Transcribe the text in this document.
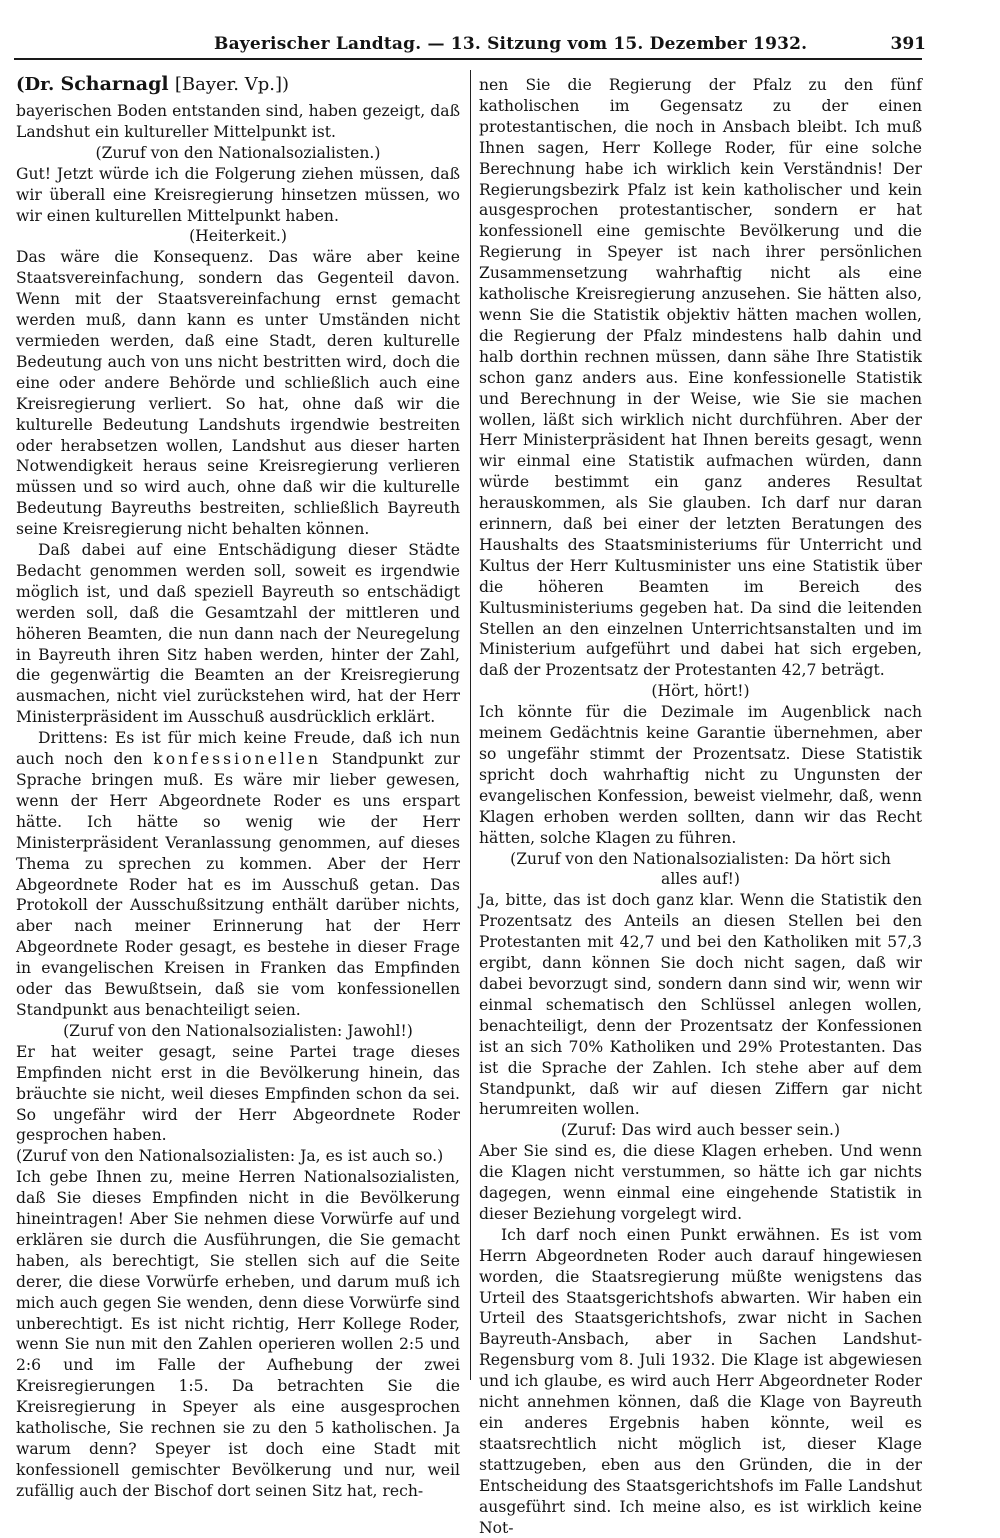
Bayerischer Landtag. — 13. Sitzung vom 15. Dezember 1932.	391
(Dr. Scharnagl [Bayer. Vp.])

bayerischen Boden entstanden sind, haben gezeigt, daß Landshut ein kultureller Mittelpunkt ist.

(Zuruf von den Nationalsozialisten.)

Gut! Jetzt würde ich die Folgerung ziehen müssen, daß wir überall eine Kreisregierung hinsetzen müssen, wo wir einen kulturellen Mittelpunkt haben.

(Heiterkeit.)

Das wäre die Konsequenz. Das wäre aber keine Staatsvereinfachung, sondern das Gegenteil davon. Wenn mit der Staatsvereinfachung ernst gemacht werden muß, dann kann es unter Umständen nicht vermieden werden, daß eine Stadt, deren kulturelle Bedeutung auch von uns nicht bestritten wird, doch die eine oder andere Behörde und schließlich auch eine Kreisregierung verliert. So hat, ohne daß wir die kulturelle Bedeutung Landshuts irgendwie bestreiten oder herabsetzen wollen, Landshut aus dieser harten Notwendigkeit heraus seine Kreisregierung verlieren müssen und so wird auch, ohne daß wir die kulturelle Bedeutung Bayreuths bestreiten, schließlich Bayreuth seine Kreisregierung nicht behalten können.

Daß dabei auf eine Entschädigung dieser Städte Bedacht genommen werden soll, soweit es irgendwie möglich ist, und daß speziell Bayreuth so entschädigt werden soll, daß die Gesamtzahl der mittleren und höheren Beamten, die nun dann nach der Neuregelung in Bayreuth ihren Sitz haben werden, hinter der Zahl, die gegenwärtig die Beamten an der Kreisregierung ausmachen, nicht viel zurückstehen wird, hat der Herr Ministerpräsident im Ausschuß ausdrücklich erklärt.

Drittens: Es ist für mich keine Freude, daß ich nun auch noch den konfessionellen Standpunkt zur Sprache bringen muß. Es wäre mir lieber gewesen, wenn der Herr Abgeordnete Roder es uns erspart hätte. Ich hätte so wenig wie der Herr Ministerpräsident Veranlassung genommen, auf dieses Thema zu sprechen zu kommen. Aber der Herr Abgeordnete Roder hat es im Ausschuß getan. Das Protokoll der Ausschußsitzung enthält darüber nichts, aber nach meiner Erinnerung hat der Herr Abgeordnete Roder gesagt, es bestehe in dieser Frage in evangelischen Kreisen in Franken das Empfinden oder das Bewußtsein, daß sie vom konfessionellen Standpunkt aus benachteiligt seien.

(Zuruf von den Nationalsozialisten: Jawohl!)

Er hat weiter gesagt, seine Partei trage dieses Empfinden nicht erst in die Bevölkerung hinein, das bräuchte sie nicht, weil dieses Empfinden schon da sei. So ungefähr wird der Herr Abgeordnete Roder gesprochen haben.

(Zuruf von den Nationalsozialisten: Ja, es ist auch so.)

Ich gebe Ihnen zu, meine Herren Nationalsozialisten, daß Sie dieses Empfinden nicht in die Bevölkerung hineintragen! Aber Sie nehmen diese Vorwürfe auf und erklären sie durch die Ausführungen, die Sie gemacht haben, als berechtigt, Sie stellen sich auf die Seite derer, die diese Vorwürfe erheben, und darum muß ich mich auch gegen Sie wenden, denn diese Vorwürfe sind unberechtigt. Es ist nicht richtig, Herr Kollege Roder, wenn Sie nun mit den Zahlen operieren wollen 2:5 und 2:6 und im Falle der Aufhebung der zwei Kreisregierungen 1:5. Da betrachten Sie die Kreisregierung in Speyer als eine ausgesprochen katholische, Sie rechnen sie zu den 5 katholischen. Ja warum denn? Speyer ist doch eine Stadt mit konfessionell gemischter Bevölkerung und nur, weil zufällig auch der Bischof dort seinen Sitz hat, rech-

nen Sie die Regierung der Pfalz zu den fünf katholischen im Gegensatz zu der einen protestantischen, die noch in Ansbach bleibt. Ich muß Ihnen sagen, Herr Kollege Roder, für eine solche Berechnung habe ich wirklich kein Verständnis! Der Regierungsbezirk Pfalz ist kein katholischer und kein ausgesprochen protestantischer, sondern er hat konfessionell eine gemischte Bevölkerung und die Regierung in Speyer ist nach ihrer persönlichen Zusammensetzung wahrhaftig nicht als eine katholische Kreisregierung anzusehen. Sie hätten also, wenn Sie die Statistik objektiv hätten machen wollen, die Regierung der Pfalz mindestens halb dahin und halb dorthin rechnen müssen, dann sähe Ihre Statistik schon ganz anders aus. Eine konfessionelle Statistik und Berechnung in der Weise, wie Sie sie machen wollen, läßt sich wirklich nicht durchführen. Aber der Herr Ministerpräsident hat Ihnen bereits gesagt, wenn wir einmal eine Statistik aufmachen würden, dann würde bestimmt ein ganz anderes Resultat herauskommen, als Sie glauben. Ich darf nur daran erinnern, daß bei einer der letzten Beratungen des Haushalts des Staatsministeriums für Unterricht und Kultus der Herr Kultusminister uns eine Statistik über die höheren Beamten im Bereich des Kultusministeriums gegeben hat. Da sind die leitenden Stellen an den einzelnen Unterrichtsanstalten und im Ministerium aufgeführt und dabei hat sich ergeben, daß der Prozentsatz der Protestanten 42,7 beträgt.

(Hört, hört!)

Ich könnte für die Dezimale im Augenblick nach meinem Gedächtnis keine Garantie übernehmen, aber so ungefähr stimmt der Prozentsatz. Diese Statistik spricht doch wahrhaftig nicht zu Ungunsten der evangelischen Konfession, beweist vielmehr, daß, wenn Klagen erhoben werden sollten, dann wir das Recht hätten, solche Klagen zu führen.

(Zuruf von den Nationalsozialisten: Da hört sich

alles auf!)

Ja, bitte, das ist doch ganz klar. Wenn die Statistik den Prozentsatz des Anteils an diesen Stellen bei den Protestanten mit 42,7 und bei den Katholiken mit 57,3 ergibt, dann können Sie doch nicht sagen, daß wir dabei bevorzugt sind, sondern dann sind wir, wenn wir einmal schematisch den Schlüssel anlegen wollen, benachteiligt, denn der Prozentsatz der Konfessionen ist an sich 70% Katholiken und 29% Protestanten. Das ist die Sprache der Zahlen. Ich stehe aber auf dem Standpunkt, daß wir auf diesen Ziffern gar nicht herumreiten wollen.

(Zuruf: Das wird auch besser sein.)

Aber Sie sind es, die diese Klagen erheben. Und wenn die Klagen nicht verstummen, so hätte ich gar nichts dagegen, wenn einmal eine eingehende Statistik in dieser Beziehung vorgelegt wird.

Ich darf noch einen Punkt erwähnen. Es ist vom Herrn Abgeordneten Roder auch darauf hingewiesen worden, die Staatsregierung müßte wenigstens das Urteil des Staatsgerichtshofs abwarten. Wir haben ein Urteil des Staatsgerichtshofs, zwar nicht in Sachen Bayreuth-Ansbach, aber in Sachen Landshut-Regensburg vom 8. Juli 1932. Die Klage ist abgewiesen und ich glaube, es wird auch Herr Abgeordneter Roder nicht annehmen können, daß die Klage von Bayreuth ein anderes Ergebnis haben könnte, weil es staatsrechtlich nicht möglich ist, dieser Klage stattzugeben, eben aus den Gründen, die in der Entscheidung des Staatsgerichtshofs im Falle Landshut ausgeführt sind. Ich meine also, es ist wirklich keine Not-
